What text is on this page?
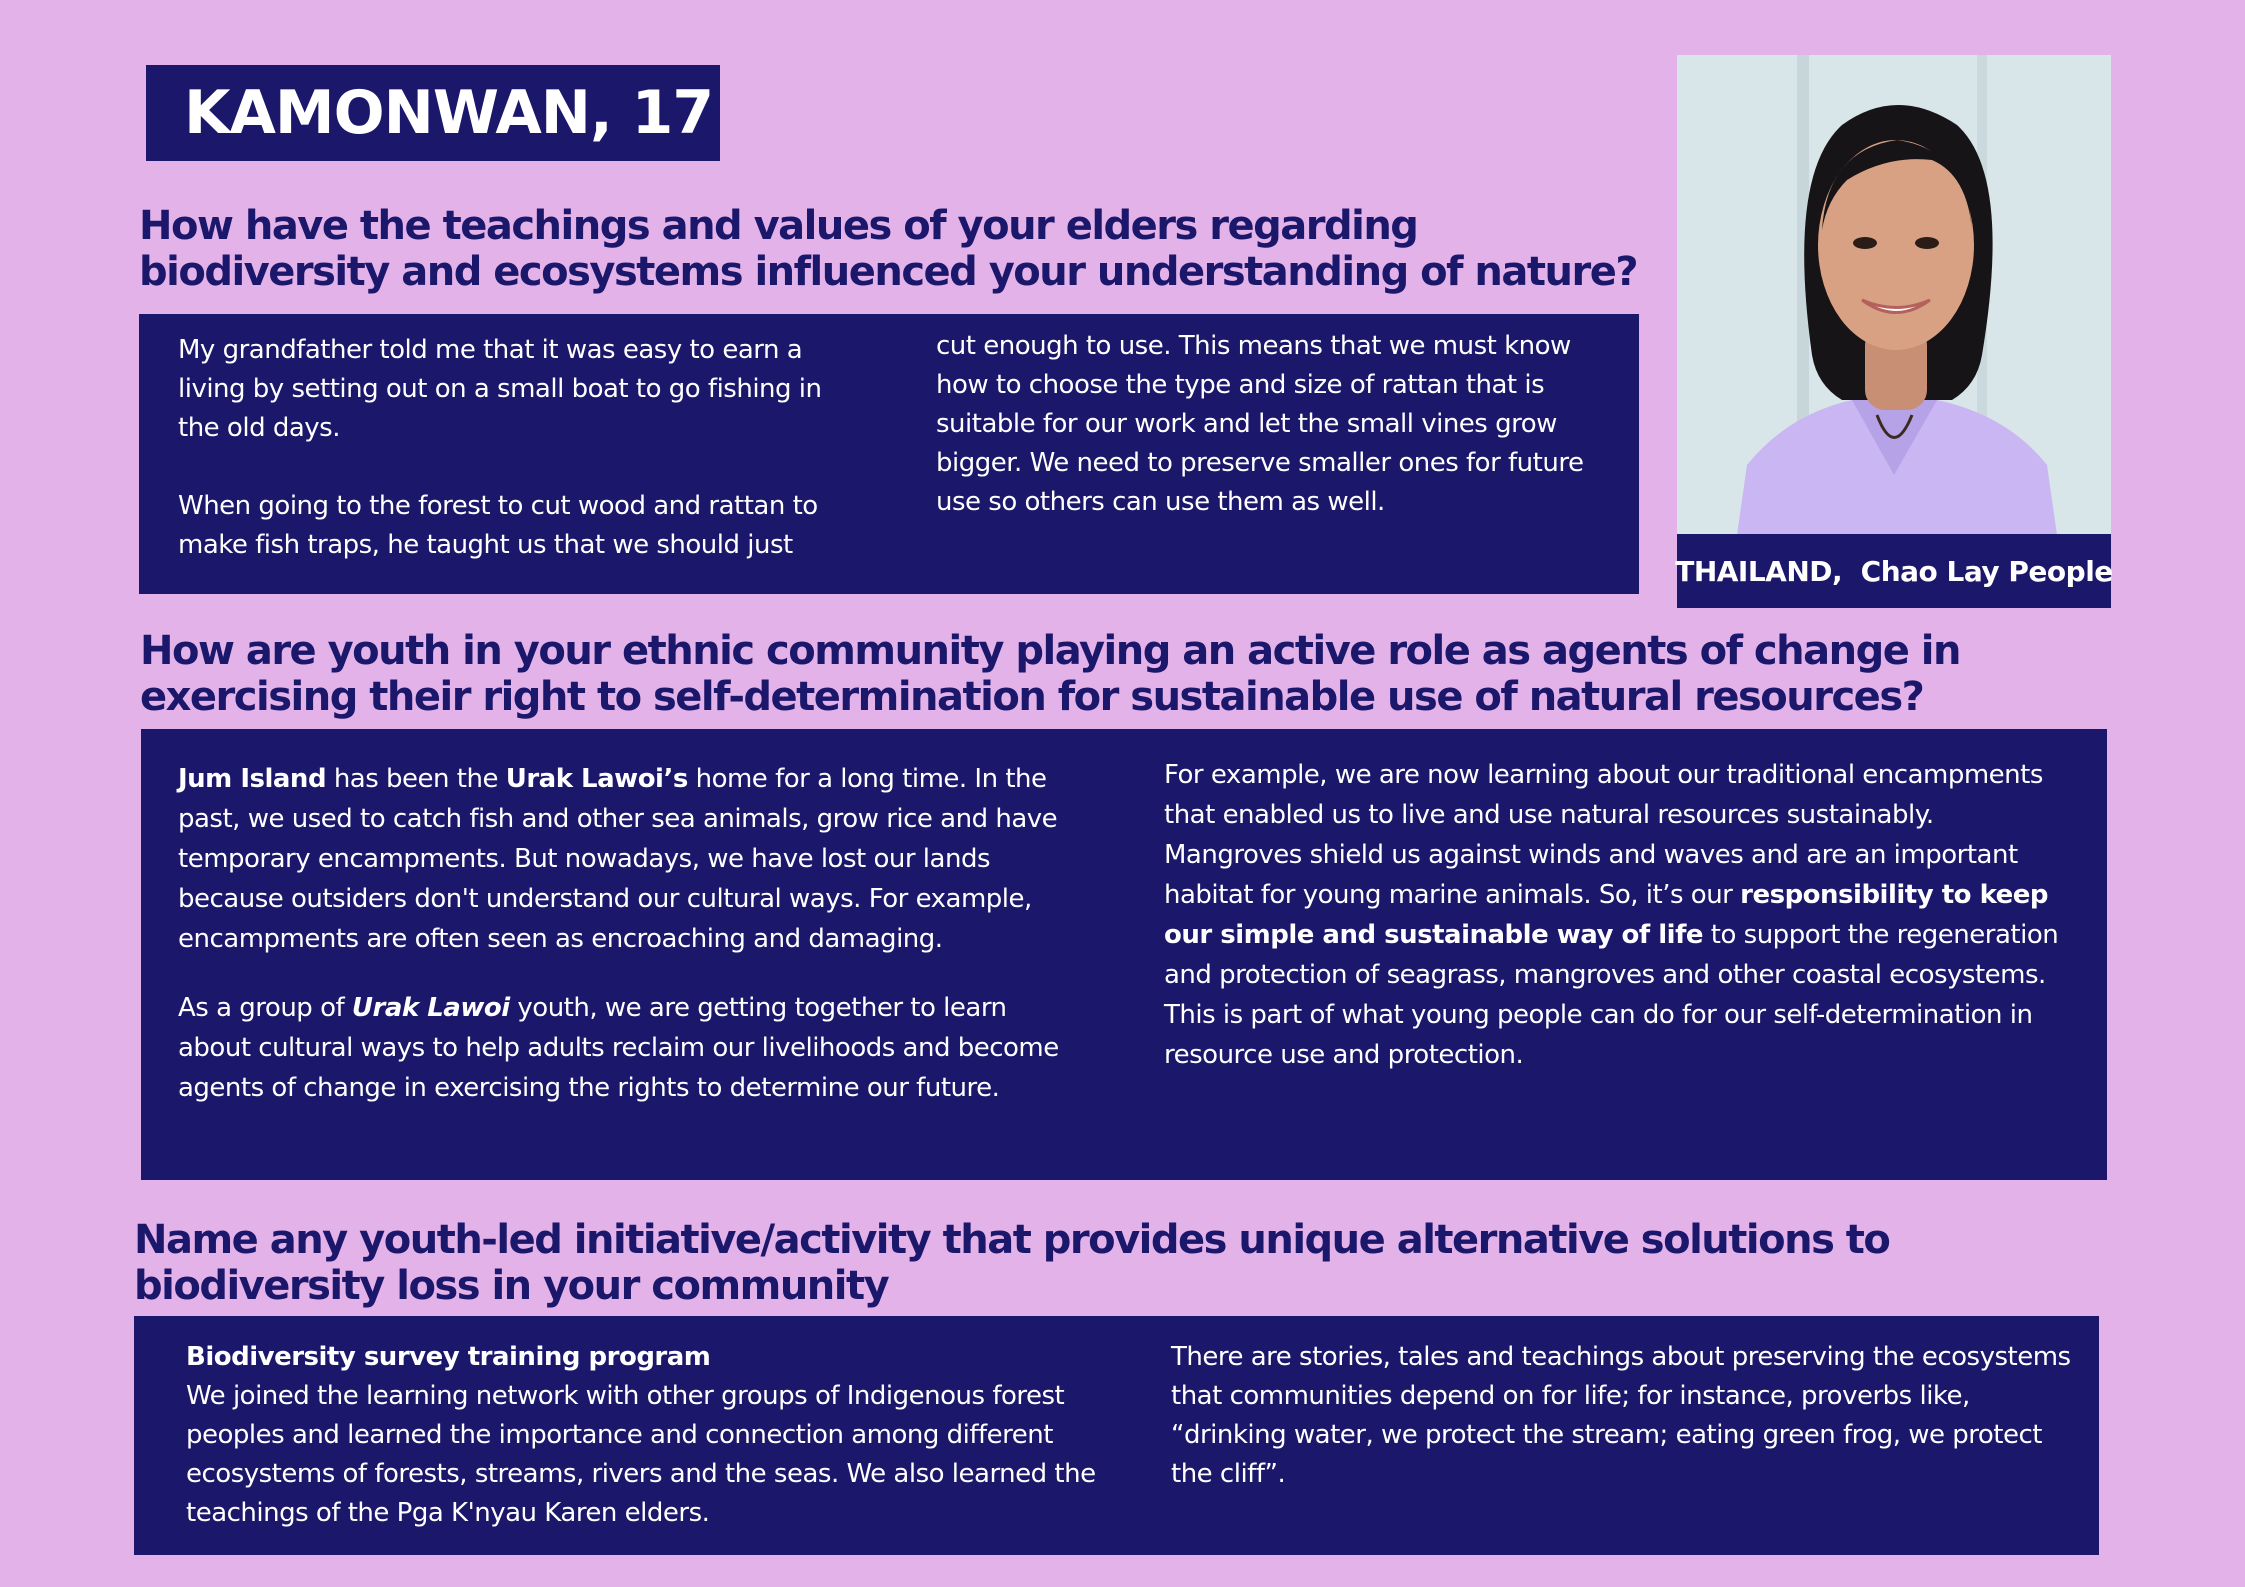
KAMONWAN, 17
How have the teachings and values of your elders regarding biodiversity and ecosystems influenced your understanding of nature?

My grandfather told me that it was easy to earn a living by setting out on a small boat to go fishing in the old days.

When going to the forest to cut wood and rattan to make fish traps, he taught us that we should just

cut enough to use. This means that we must know how to choose the type and size of rattan that is suitable for our work and let the small vines grow bigger. We need to preserve smaller ones for future use so others can use them as well.

THAILAND,  Chao Lay People
How are youth in your ethnic community playing an active role as agents of change in exercising their right to self-determination for sustainable use of natural resources?

Jum Island has been the Urak Lawoi’s home for a long time. In the past, we used to catch fish and other sea animals, grow rice and have temporary encampments. But nowadays, we have lost our lands because outsiders don't understand our cultural ways. For example, encampments are often seen as encroaching and damaging.

As a group of Urak Lawoi youth, we are getting together to learn about cultural ways to help adults reclaim our livelihoods and become agents of change in exercising the rights to determine our future.

For example, we are now learning about our traditional encampments that enabled us to live and use natural resources sustainably. Mangroves shield us against winds and waves and are an important habitat for young marine animals. So, it’s our responsibility to keep our simple and sustainable way of life to support the regeneration and protection of seagrass, mangroves and other coastal ecosystems. This is part of what young people can do for our self-determination in resource use and protection.

Name any youth-led initiative/activity that provides unique alternative solutions to biodiversity loss in your community

Biodiversity survey training program

We joined the learning network with other groups of Indigenous forest peoples and learned the importance and connection among different ecosystems of forests, streams, rivers and the seas. We also learned the teachings of the Pga K'nyau Karen elders.

There are stories, tales and teachings about preserving the ecosystems that communities depend on for life; for instance, proverbs like, “drinking water, we protect the stream; eating green frog, we protect the cliff”.
